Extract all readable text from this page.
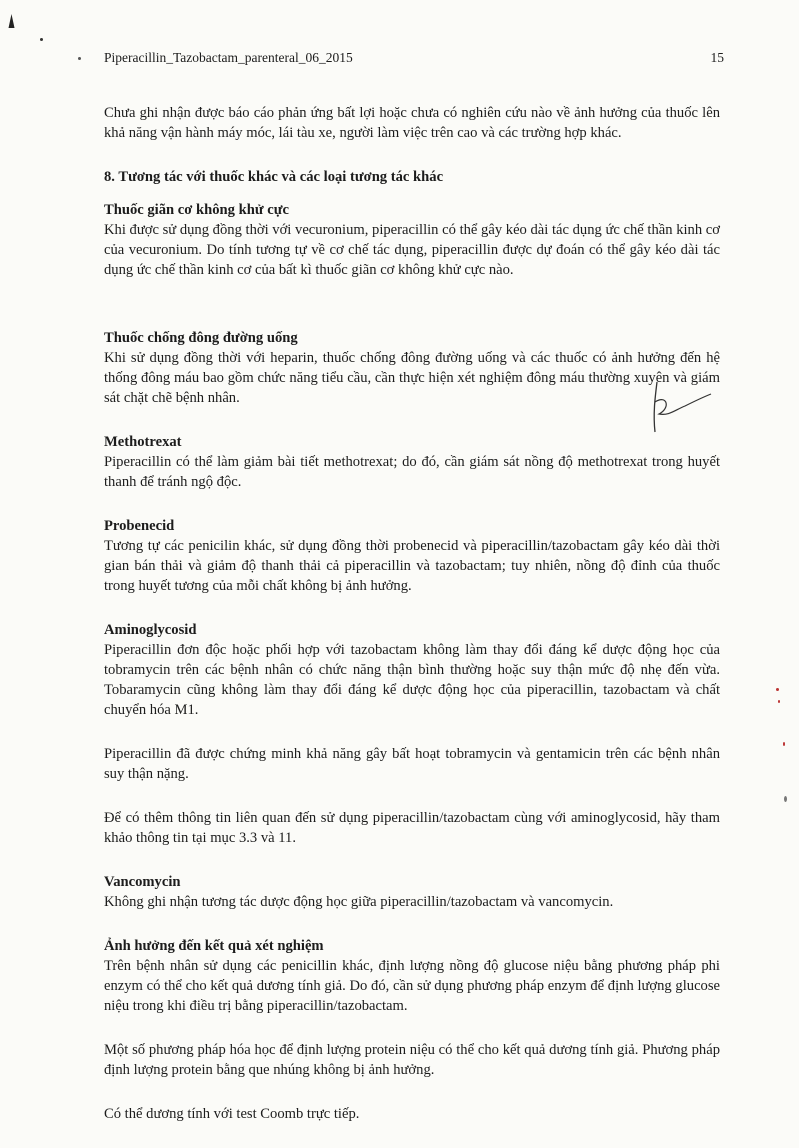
Piperacillin_Tazobactam_parenteral_06_2015	15

Chưa ghi nhận được báo cáo phản ứng bất lợi hoặc chưa có nghiên cứu nào về ảnh hưởng của thuốc lên khả năng vận hành máy móc, lái tàu xe, người làm việc trên cao và các trường hợp khác.

8. Tương tác với thuốc khác và các loại tương tác khác
Thuốc giãn cơ không khử cực

Khi được sử dụng đồng thời với vecuronium, piperacillin có thể gây kéo dài tác dụng ức chế thần kinh cơ của vecuronium. Do tính tương tự về cơ chế tác dụng, piperacillin được dự đoán có thể gây kéo dài tác dụng ức chế thần kinh cơ của bất kì thuốc giãn cơ không khử cực nào.

Thuốc chống đông đường uống

Khi sử dụng đồng thời với heparin, thuốc chống đông đường uống và các thuốc có ảnh hưởng đến hệ thống đông máu bao gồm chức năng tiểu cầu, cần thực hiện xét nghiệm đông máu thường xuyên và giám sát chặt chẽ bệnh nhân.

Methotrexat

Piperacillin có thể làm giảm bài tiết methotrexat; do đó, cần giám sát nồng độ methotrexat trong huyết thanh để tránh ngộ độc.

Probenecid

Tương tự các penicilin khác, sử dụng đồng thời probenecid và piperacillin/tazobactam gây kéo dài thời gian bán thải và giảm độ thanh thải cả piperacillin và tazobactam; tuy nhiên, nồng độ đỉnh của thuốc trong huyết tương của mỗi chất không bị ảnh hưởng.

Aminoglycosid

Piperacillin đơn độc hoặc phối hợp với tazobactam không làm thay đổi đáng kể dược động học của tobramycin trên các bệnh nhân có chức năng thận bình thường hoặc suy thận mức độ nhẹ đến vừa. Tobaramycin cũng không làm thay đổi đáng kể dược động học của piperacillin, tazobactam và chất chuyển hóa M1.

Piperacillin đã được chứng minh khả năng gây bất hoạt tobramycin và gentamicin trên các bệnh nhân suy thận nặng.

Để có thêm thông tin liên quan đến sử dụng piperacillin/tazobactam cùng với aminoglycosid, hãy tham khảo thông tin tại mục 3.3 và 11.

Vancomycin

Không ghi nhận tương tác dược động học giữa piperacillin/tazobactam và vancomycin.

Ảnh hưởng đến kết quả xét nghiệm

Trên bệnh nhân sử dụng các penicillin khác, định lượng nồng độ glucose niệu bằng phương pháp phi enzym có thể cho kết quả dương tính giả. Do đó, cần sử dụng phương pháp enzym để định lượng glucose niệu trong khi điều trị bằng piperacillin/tazobactam.

Một số phương pháp hóa học để định lượng protein niệu có thể cho kết quả dương tính giả. Phương pháp định lượng protein bằng que nhúng không bị ảnh hưởng.

Có thể dương tính với test Coomb trực tiếp.
